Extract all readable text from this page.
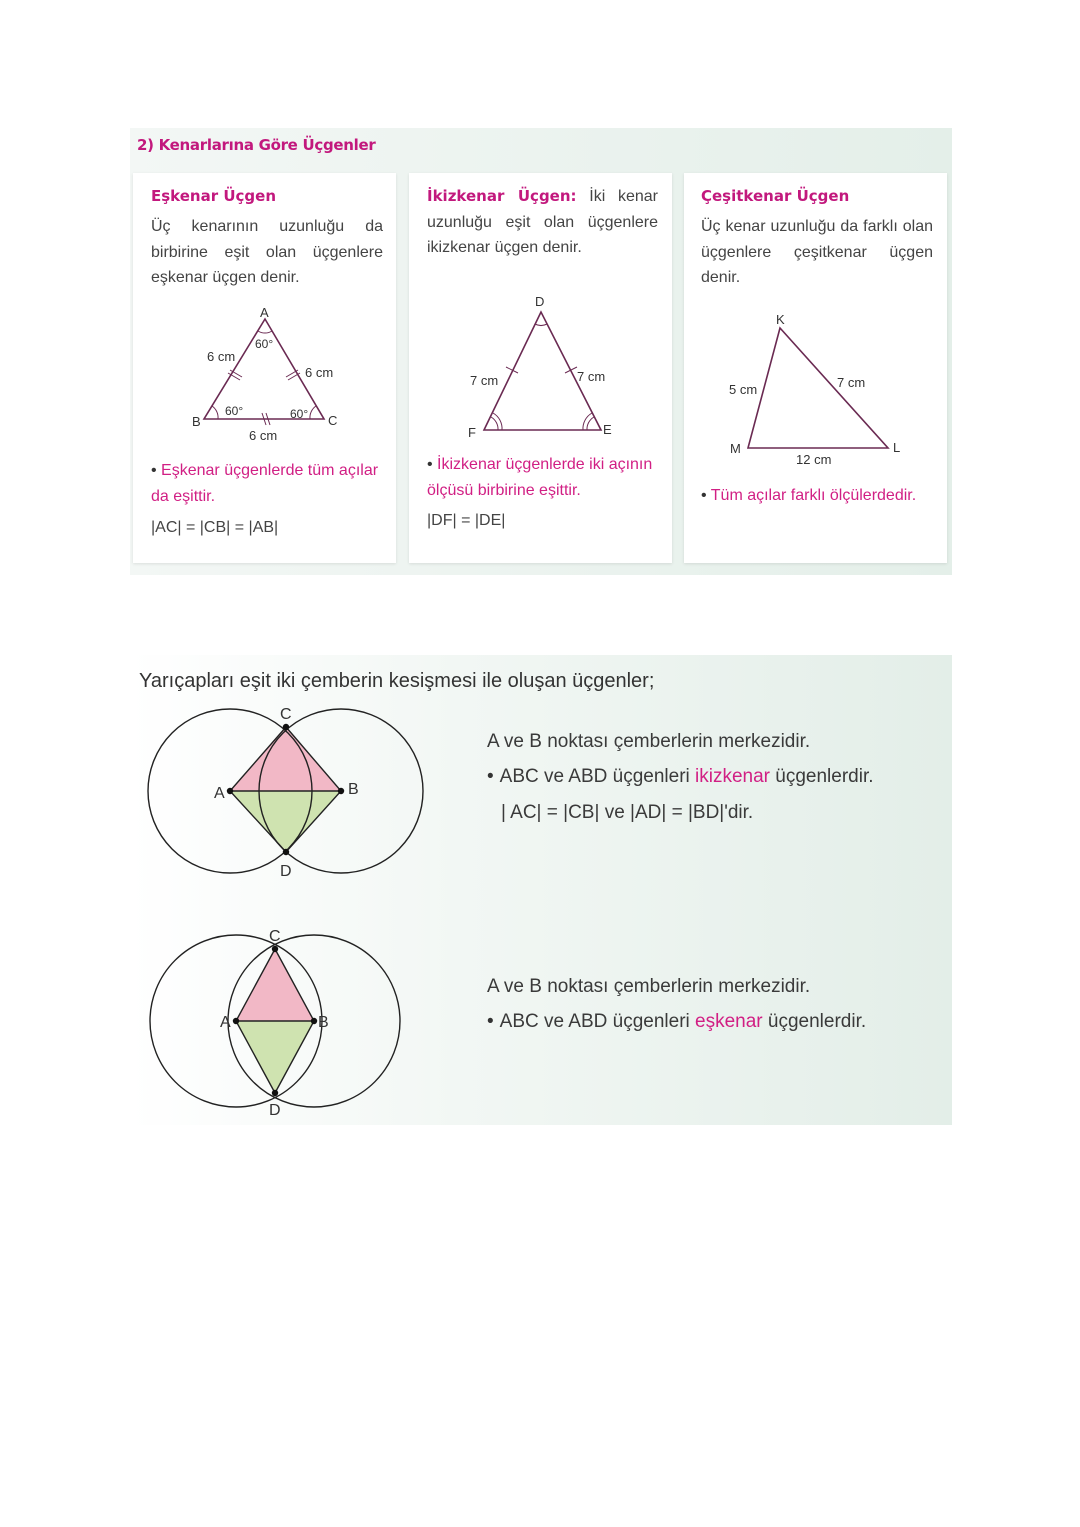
2) Kenarlarına Göre Üçgenler
Eşkenar Üçgen
Üç kenarının uzunluğu da birbirine eşit olan üçgenlere eşkenar üçgen denir.
A
B	C
60°
60°	60°
6 cm
6 cm
6 cm
• Eşkenar üçgenlerde tüm açılar da eşittir.
|AC| = |CB| = |AB|
İkizkenar Üçgen: İki kenar uzunluğu eşit olan üçgenlere ikizkenar üçgen denir.
D
E
F
7 cm	7 cm
• İkizkenar üçgenlerde iki açının ölçüsü birbirine eşittir.
|DF| = |DE|
Çeşitkenar Üçgen
Üç kenar uzunluğu da farklı olan üçgenlere çeşitkenar üçgen denir.
K
L
M
5 cm	7 cm
12 cm
• Tüm açılar farklı ölçülerdedir.
Yarıçapları eşit iki çemberin kesişmesi ile oluşan üçgenler;
C
A	B
D
A ve B noktası çemberlerin merkezidir.
• ABC ve ABD üçgenleri ikizkenar üçgenlerdir.
| AC| = |CB| ve |AD| = |BD|'dir.
C
A	B
D
A ve B noktası çemberlerin merkezidir.
• ABC ve ABD üçgenleri eşkenar üçgenlerdir.
